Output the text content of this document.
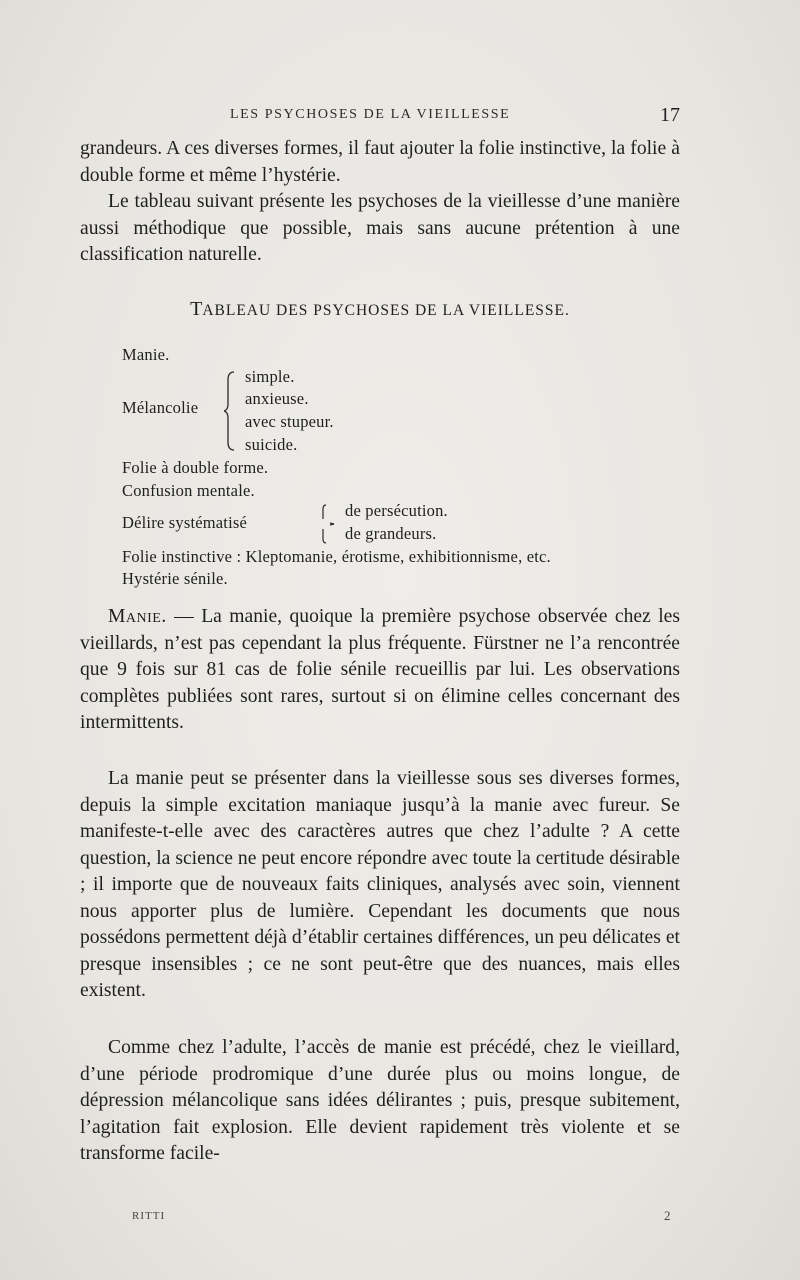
LES PSYCHOSES DE LA VIEILLESSE	17

grandeurs. A ces diverses formes, il faut ajouter la folie instinctive, la folie à double forme et même l’hystérie.

Le tableau suivant présente les psychoses de la vieillesse d’une manière aussi méthodique que possible, mais sans aucune prétention à une classification naturelle.

TABLEAU DES PSYCHOSES DE LA VIEILLESSE.

Manie.
Mélancolie
simple.
anxieuse.
avec stupeur.
suicide.
Folie à double forme.
Confusion mentale.
Délire systématisé
de persécution.
de grandeurs.
Folie instinctive : Kleptomanie, érotisme, exhibitionnisme, etc.
Hystérie sénile.

Manie. — La manie, quoique la première psychose observée chez les vieillards, n’est pas cependant la plus fréquente. Fürstner ne l’a rencontrée que 9 fois sur 81 cas de folie sénile recueillis par lui. Les observations complètes publiées sont rares, surtout si on élimine celles concernant des intermittents.

La manie peut se présenter dans la vieillesse sous ses diverses formes, depuis la simple excitation maniaque jusqu’à la manie avec fureur. Se manifeste-t-elle avec des caractères autres que chez l’adulte ? A cette question, la science ne peut encore répondre avec toute la certitude désirable ; il importe que de nouveaux faits cliniques, analysés avec soin, viennent nous apporter plus de lumière. Cependant les documents que nous possédons permettent déjà d’établir certaines différences, un peu délicates et presque insensibles ; ce ne sont peut-être que des nuances, mais elles existent.

Comme chez l’adulte, l’accès de manie est précédé, chez le vieillard, d’une période prodromique d’une durée plus ou moins longue, de dépression mélancolique sans idées délirantes ; puis, presque subitement, l’agitation fait explosion. Elle devient rapidement très violente et se transforme facile-

RITTI	2
